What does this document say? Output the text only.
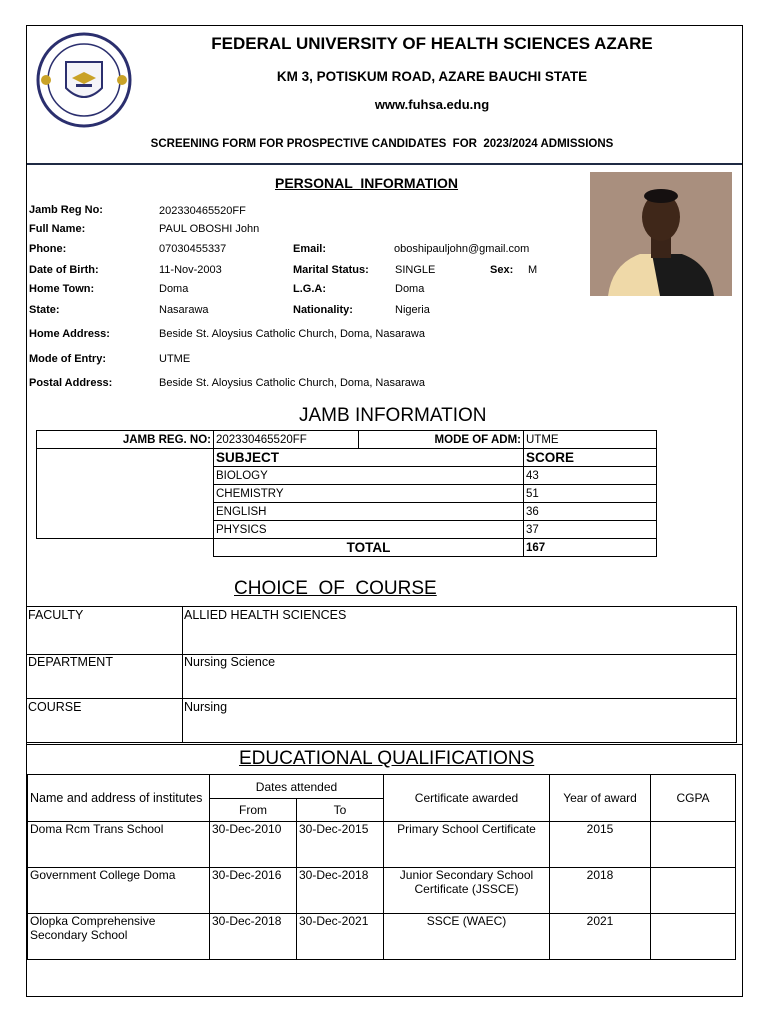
FEDERAL UNIVERSITY OF HEALTH SCIENCES AZARE
KM 3, POTISKUM ROAD, AZARE BAUCHI STATE
www.fuhsa.edu.ng
SCREENING FORM FOR PROSPECTIVE CANDIDATES  FOR  2023/2024 ADMISSIONS
PERSONAL  INFORMATION
Jamb Reg No:	202330465520FF
Full Name:	PAUL OBOSHI John
Phone:	07030455337	Email:	oboshipauljohn@gmail.com
Date of Birth:	11-Nov-2003	Marital Status: SINGLE	Sex: M
Home Town:	Doma	L.G.A:	Doma
State:	Nasarawa	Nationality:	Nigeria
Home Address:	Beside St. Aloysius Catholic Church, Doma, Nasarawa
Mode of Entry:	UTME
Postal Address:	Beside St. Aloysius Catholic Church, Doma, Nasarawa
JAMB INFORMATION
JAMB REG. NO:	202330465520FF	MODE OF ADM:	UTME
	SUBJECT		SCORE
	BIOLOGY		43
	CHEMISTRY		51
	ENGLISH		36
	PHYSICS		37
	TOTAL		167
CHOICE  OF  COURSE
FACULTY	ALLIED HEALTH SCIENCES
DEPARTMENT	Nursing Science
COURSE	Nursing
EDUCATIONAL QUALIFICATIONS
Name and address of institutes	Dates attended		Certificate awarded	Year of award	CGPA
	From	To			
Doma Rcm Trans School	30-Dec-2010	30-Dec-2015	Primary School Certificate	2015	
Government College Doma	30-Dec-2016	30-Dec-2018	Junior Secondary School Certificate (JSSCE)	2018	
Olopka Comprehensive Secondary School	30-Dec-2018	30-Dec-2021	SSCE (WAEC)	2021	
